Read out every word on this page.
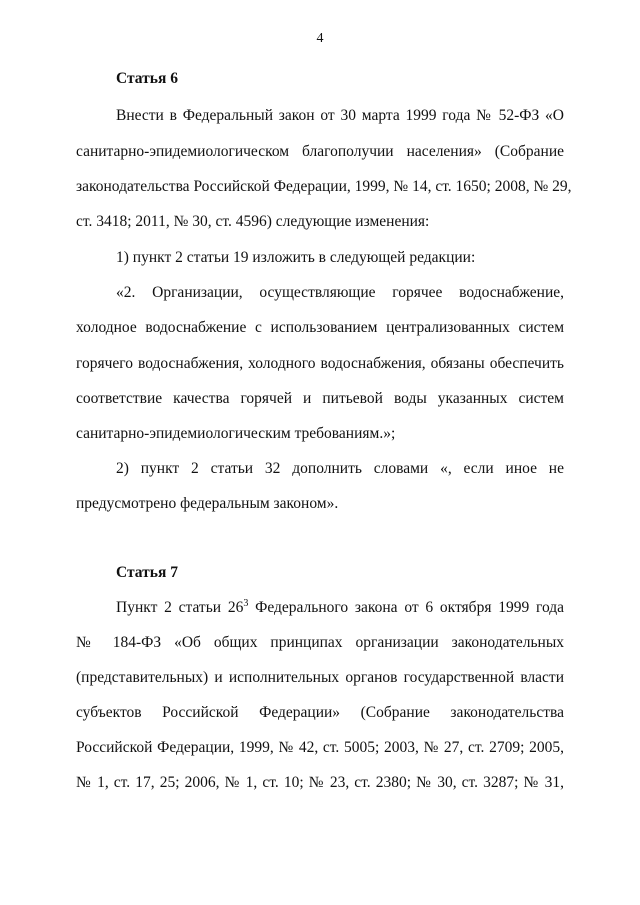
4
Статья 6
Внести в Федеральный закон от 30 марта 1999 года № 52-ФЗ «О
санитарно-эпидемиологическом благополучии населения» (Собрание
законодательства Российской Федерации, 1999, № 14, ст. 1650; 2008, № 29,
ст. 3418; 2011, № 30, ст. 4596) следующие изменения:
1) пункт 2 статьи 19 изложить в следующей редакции:
«2. Организации, осуществляющие горячее водоснабжение,
холодное водоснабжение с использованием централизованных систем
горячего водоснабжения, холодного водоснабжения, обязаны обеспечить
соответствие качества горячей и питьевой воды указанных систем
санитарно-эпидемиологическим требованиям.»;
2) пункт 2 статьи 32 дополнить словами «, если иное не
предусмотрено федеральным законом».
Статья 7
Пункт 2 статьи $26^3$ Федерального закона от 6 октября 1999 года
№ 184-ФЗ «Об общих принципах организации законодательных
(представительных) и исполнительных органов государственной власти
субъектов Российской Федерации» (Собрание законодательства
Российской Федерации, 1999, № 42, ст. 5005; 2003, № 27, ст. 2709; 2005,
№ 1, ст. 17, 25; 2006, № 1, ст. 10; № 23, ст. 2380; № 30, ст. 3287; № 31,
